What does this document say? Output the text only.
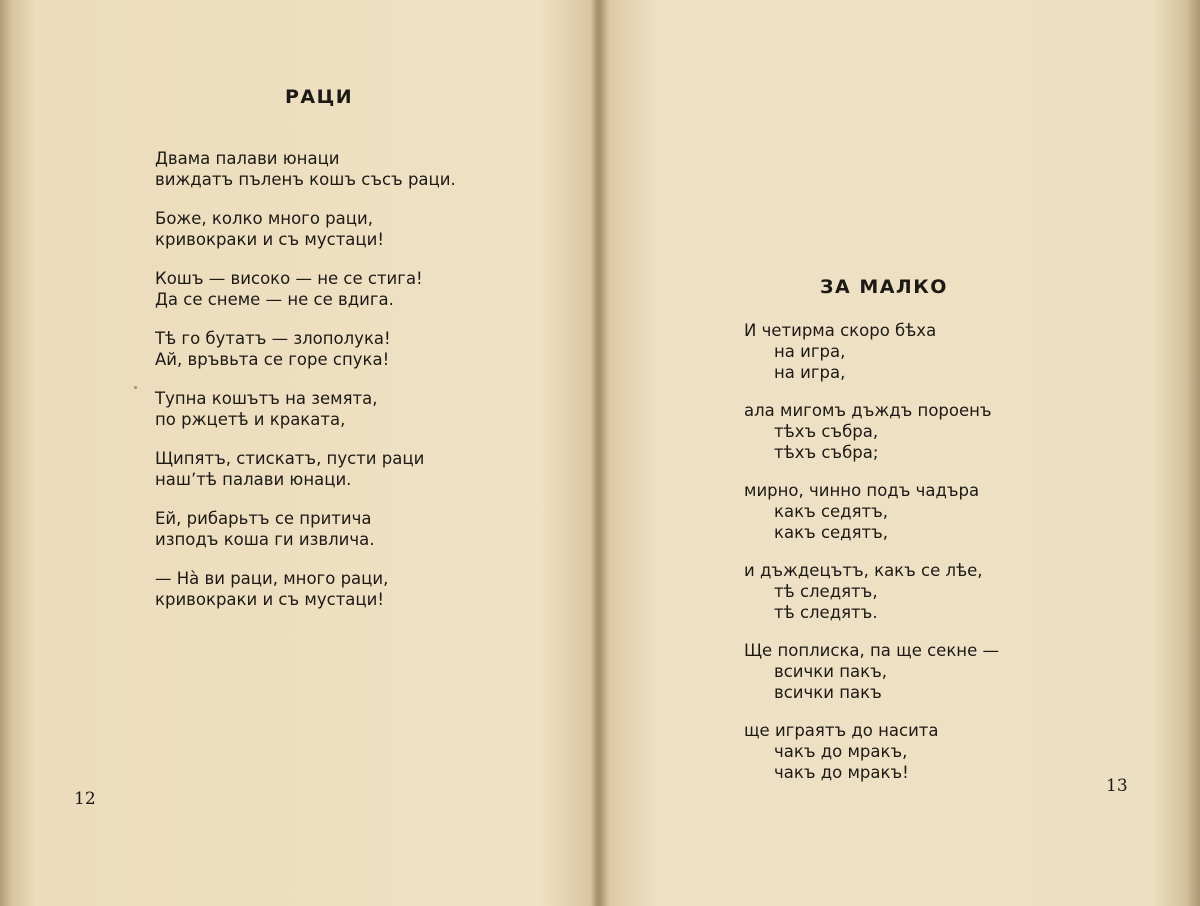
РАЦИ
Двама палави юнаци
виждатъ пъленъ кошъ съсъ раци.
Боже, колко много раци,
кривокраки и съ мустаци!
Кошъ — високо — не се стига!
Да се снеме — не се вдига.
Тѣ го бутатъ — злополука!
Ай, връвьта се горе спука!
Тупна кошътъ на земята,
по ржцетѣ и краката,
Щипятъ, стискатъ, пусти раци
нашʼтѣ палави юнаци.
Ей, рибарьтъ се притича
изподъ коша ги извлича.
— Нà ви раци, много раци,
кривокраки и съ мустаци!
12
ЗА МАЛКО
И четирма скоро бѣха
на игра,
на игра,
ала мигомъ дъждъ пороенъ
тѣхъ събра,
тѣхъ събра;
мирно, чинно подъ чадъра
какъ седятъ,
какъ седятъ,
и дъждецътъ, какъ се лѣе,
тѣ следятъ,
тѣ следятъ.
Ще поплиска, па ще секне —
всички пакъ,
всички пакъ
ще играятъ до насита
чакъ до мракъ,
чакъ до мракъ!
13
